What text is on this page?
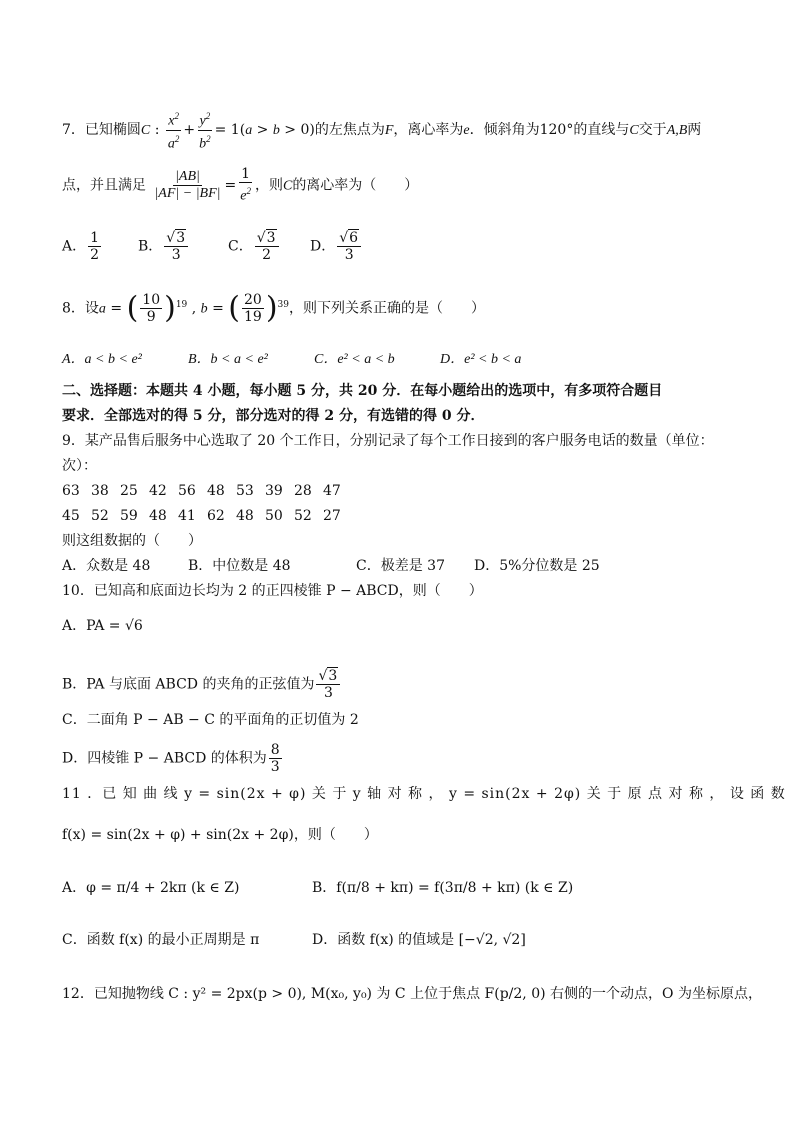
7．已知椭圆C : $\frac{x^2}{a^2} + \frac{y^2}{b^2} = 1(a > b > 0)$的左焦点为F，离心率为e．倾斜角为120°的直线与C交于A,B两
点，并且满足 $\frac{|AB|}{|AF| - |BF|} = \frac{1}{e^2}$ ，则C的离心率为（　　）
A． $\frac{1}{2}$	B． $\frac{√3}{3}$	C． $\frac{√3}{2}$ D． $\frac{√6}{3}$
8．设a = ( $\frac{10}{9} )^{19}$ , b = ( $\frac{20}{19} )^{39}$，则下列关系正确的是（　　）
A．a < b < e²	B．b < a < e²	C．e² < a < b	D．e² < b < a
二、选择题：本题共 4 小题，每小题 5 分，共 20 分．在每小题给出的选项中，有多项符合题目
要求．全部选对的得 5 分，部分选对的得 2 分，有选错的得 0 分．
9．某产品售后服务中心选取了 20 个工作日，分别记录了每个工作日接到的客户服务电话的数量（单位：
次）：
63 38 25 42 56 48 53 39 28 47
45 52 59 48 41 62 48 50 52 27
则这组数据的（　　）
A．众数是 48	B．中位数是 48	C．极差是 37 D．5%分位数是 25
10．已知高和底面边长均为 2 的正四棱锥 P − ABCD，则（　　）
A．PA = √6
B．PA 与底面 ABCD 的夹角的正弦值为 $\frac{√3}{3}$
C．二面角 P − AB − C 的平面角的正切值为 2
D．四棱锥 P − ABCD 的体积为 $\frac{8}{3}$
11 ．已 知 曲 线 y = sin(2x + φ) 关 于 y 轴 对 称 ， y = sin(2x + 2φ) 关 于 原 点 对 称 ， 设 函 数
f(x) = sin(2x + φ) + sin(2x + 2φ)，则（　　）
A．φ = π/4 + 2kπ (k ∈ Z)	B．f(π/8 + kπ) = f(3π/8 + kπ) (k ∈ Z)
C．函数 f(x) 的最小正周期是 π	D．函数 f(x) 的值域是 [−√2, √2]
12．已知抛物线 C : y² = 2px(p > 0), M(x₀, y₀) 为 C 上位于焦点 F(p/2, 0) 右侧的一个动点，O 为坐标原点，
